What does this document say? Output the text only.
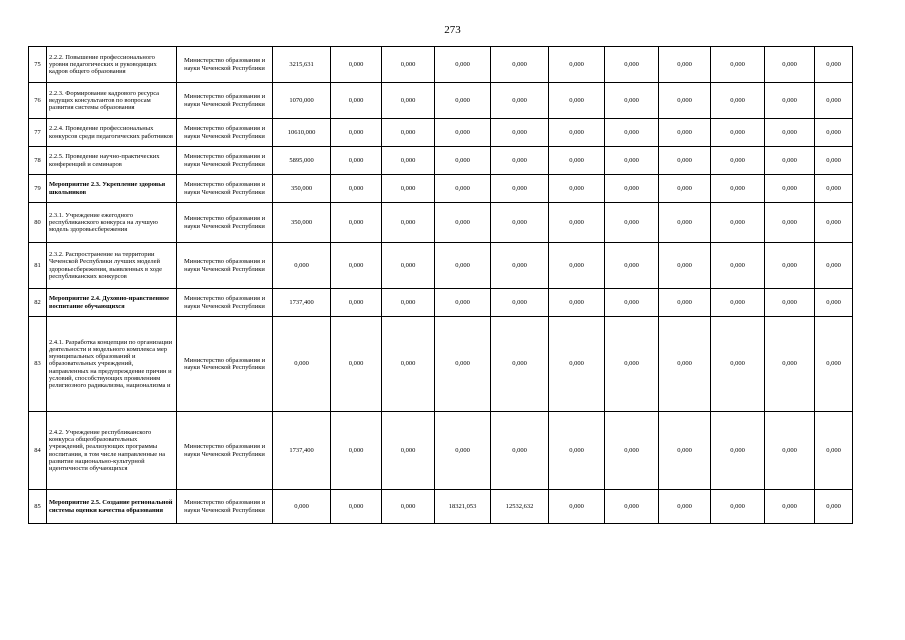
273
75	2.2.2. Повышение профессионального уровня педагогических и руководящих кадров общего образования	Министерство образования и науки Чеченской Республики	3215,631	0,000	0,000	0,000	0,000	0,000	0,000	0,000	0,000	0,000	0,000
76	2.2.3. Формирование кадрового ресурса ведущих консультантов по вопросам развития системы образования	Министерство образования и науки Чеченской Республики	1070,000	0,000	0,000	0,000	0,000	0,000	0,000	0,000	0,000	0,000	0,000
77	2.2.4. Проведение профессиональных конкурсов среди педагогических работников	Министерство образования и науки Чеченской Республики	10610,000	0,000	0,000	0,000	0,000	0,000	0,000	0,000	0,000	0,000	0,000
78	2.2.5. Проведение научно-практических конференций и семинаров	Министерство образования и науки Чеченской Республики	5895,000	0,000	0,000	0,000	0,000	0,000	0,000	0,000	0,000	0,000	0,000
79	Мероприятие 2.3. Укрепление здоровья школьников	Министерство образования и науки Чеченской Республики	350,000	0,000	0,000	0,000	0,000	0,000	0,000	0,000	0,000	0,000	0,000
80	2.3.1. Учреждение ежегодного республиканского конкурса на лучшую модель здоровьесбережения	Министерство образования и науки Чеченской Республики	350,000	0,000	0,000	0,000	0,000	0,000	0,000	0,000	0,000	0,000	0,000
81	2.3.2. Распространение на территории Чеченской Республики лучших моделей здоровьесбережения, выявленных в ходе республиканских конкурсов	Министерство образования и науки Чеченской Республики	0,000	0,000	0,000	0,000	0,000	0,000	0,000	0,000	0,000	0,000	0,000
82	Мероприятие 2.4. Духовно-нравственное воспитание обучающихся	Министерство образования и науки Чеченской Республики	1737,400	0,000	0,000	0,000	0,000	0,000	0,000	0,000	0,000	0,000	0,000
83	2.4.1. Разработка концепции по организации деятельности и модельного комплекса мер муниципальных образований и образовательных учреждений, направленных на предупреждение причин и условий, способствующих проявлениям религиозного радикализма, национализма и	Министерство образования и науки Чеченской Республики	0,000	0,000	0,000	0,000	0,000	0,000	0,000	0,000	0,000	0,000	0,000
84	2.4.2. Учреждение республиканского конкурса общеобразовательных учреждений, реализующих программы воспитания, в том числе направленные на развитие национально-культурной идентичности обучающихся	Министерство образования и науки Чеченской Республики	1737,400	0,000	0,000	0,000	0,000	0,000	0,000	0,000	0,000	0,000	0,000
85	Мероприятие 2.5. Создание региональной системы оценки качества образования	Министерство образования и науки Чеченской Республики	0,000	0,000	0,000	18321,053	12532,632	0,000	0,000	0,000	0,000	0,000	0,000
